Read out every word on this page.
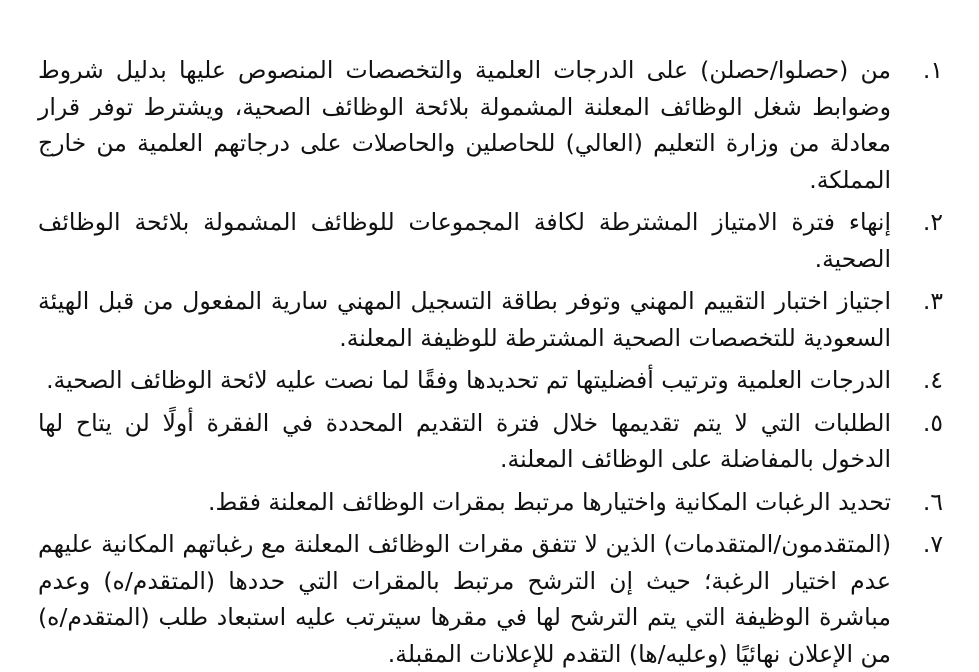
١.
من (حصلوا/حصلن) على الدرجات العلمية والتخصصات المنصوص عليها بدليل شروط وضوابط شغل الوظائف المعلنة المشمولة بلائحة الوظائف الصحية، ويشترط توفر قرار معادلة من وزارة التعليم (العالي) للحاصلين والحاصلات على درجاتهم العلمية من خارج المملكة.
٢.
إنهاء فترة الامتياز المشترطة لكافة المجموعات للوظائف المشمولة بلائحة الوظائف الصحية.
٣.
اجتياز اختبار التقييم المهني وتوفر بطاقة التسجيل المهني سارية المفعول من قبل الهيئة السعودية للتخصصات الصحية المشترطة للوظيفة المعلنة.
٤.
الدرجات العلمية وترتيب أفضليتها تم تحديدها وفقًا لما نصت عليه لائحة الوظائف الصحية.
٥.
الطلبات التي لا يتم تقديمها خلال فترة التقديم المحددة في الفقرة أولًا لن يتاح لها الدخول بالمفاضلة على الوظائف المعلنة.
٦.
تحديد الرغبات المكانية واختيارها مرتبط بمقرات الوظائف المعلنة فقط.
٧.
(المتقدمون/المتقدمات) الذين لا تتفق مقرات الوظائف المعلنة مع رغباتهم المكانية عليهم عدم اختيار الرغبة؛ حيث إن الترشح مرتبط بالمقرات التي حددها (المتقدم/ه) وعدم مباشرة الوظيفة التي يتم الترشح لها في مقرها سيترتب عليه استبعاد طلب (المتقدم/ه) من الإعلان نهائيًا (وعليه/ها) التقدم للإعلانات المقبلة.
